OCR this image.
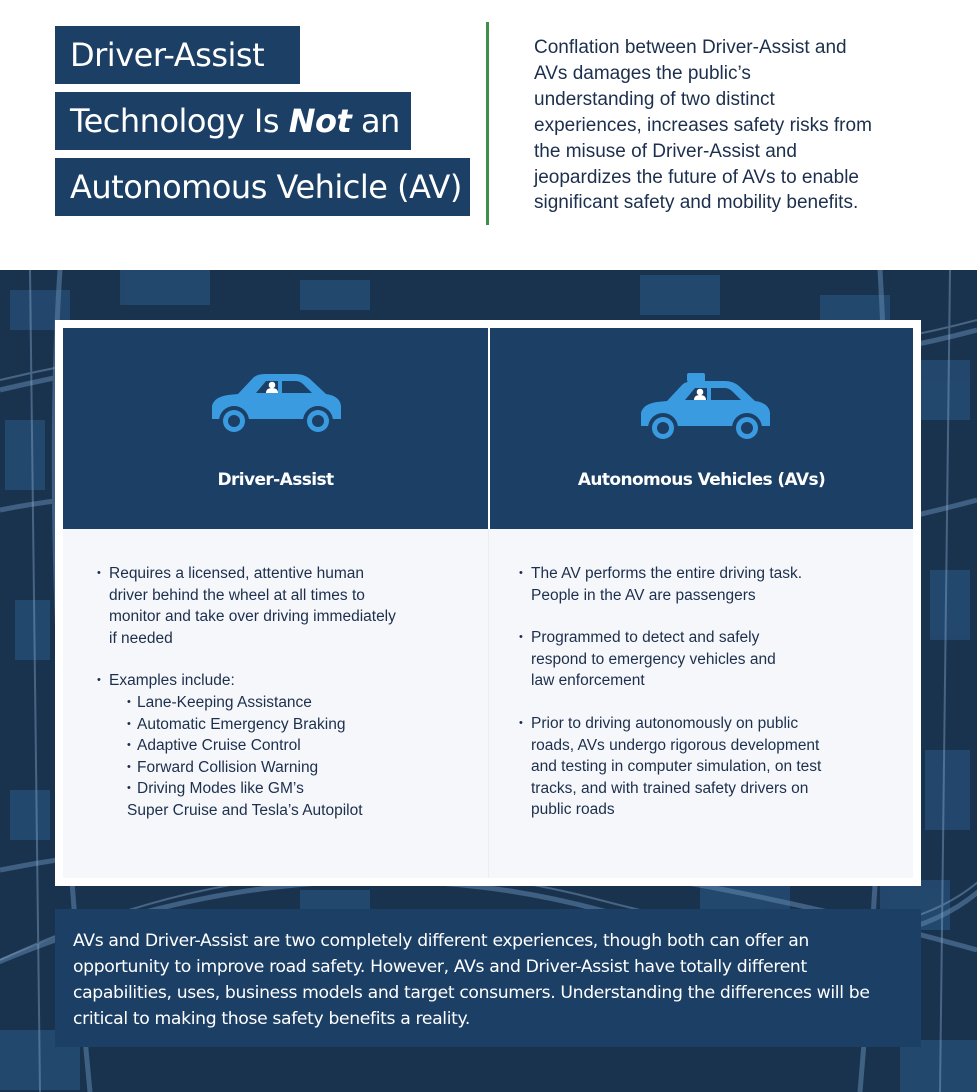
Driver-Assist
Technology Is Not an
Autonomous Vehicle (AV)
Conflation between Driver-Assist and
AVs damages the public’s
understanding of two distinct
experiences, increases safety risks from
the misuse of Driver-Assist and
jeopardizes the future of AVs to enable
significant safety and mobility benefits.
Driver-Assist
• Requires a licensed, attentive human
driver behind the wheel at all times to
monitor and take over driving immediately
if needed
• Examples include:
• Lane-Keeping Assistance
• Automatic Emergency Braking
• Adaptive Cruise Control
• Forward Collision Warning
• Driving Modes like GM’s
Super Cruise and Tesla’s Autopilot
Autonomous Vehicles (AVs)
• The AV performs the entire driving task.
People in the AV are passengers
• Programmed to detect and safely
respond to emergency vehicles and
law enforcement
• Prior to driving autonomously on public
roads, AVs undergo rigorous development
and testing in computer simulation, on test
tracks, and with trained safety drivers on
public roads
AVs and Driver-Assist are two completely different experiences, though both can offer an
opportunity to improve road safety. However, AVs and Driver-Assist have totally different
capabilities, uses, business models and target consumers. Understanding the differences will be
critical to making those safety benefits a reality.
